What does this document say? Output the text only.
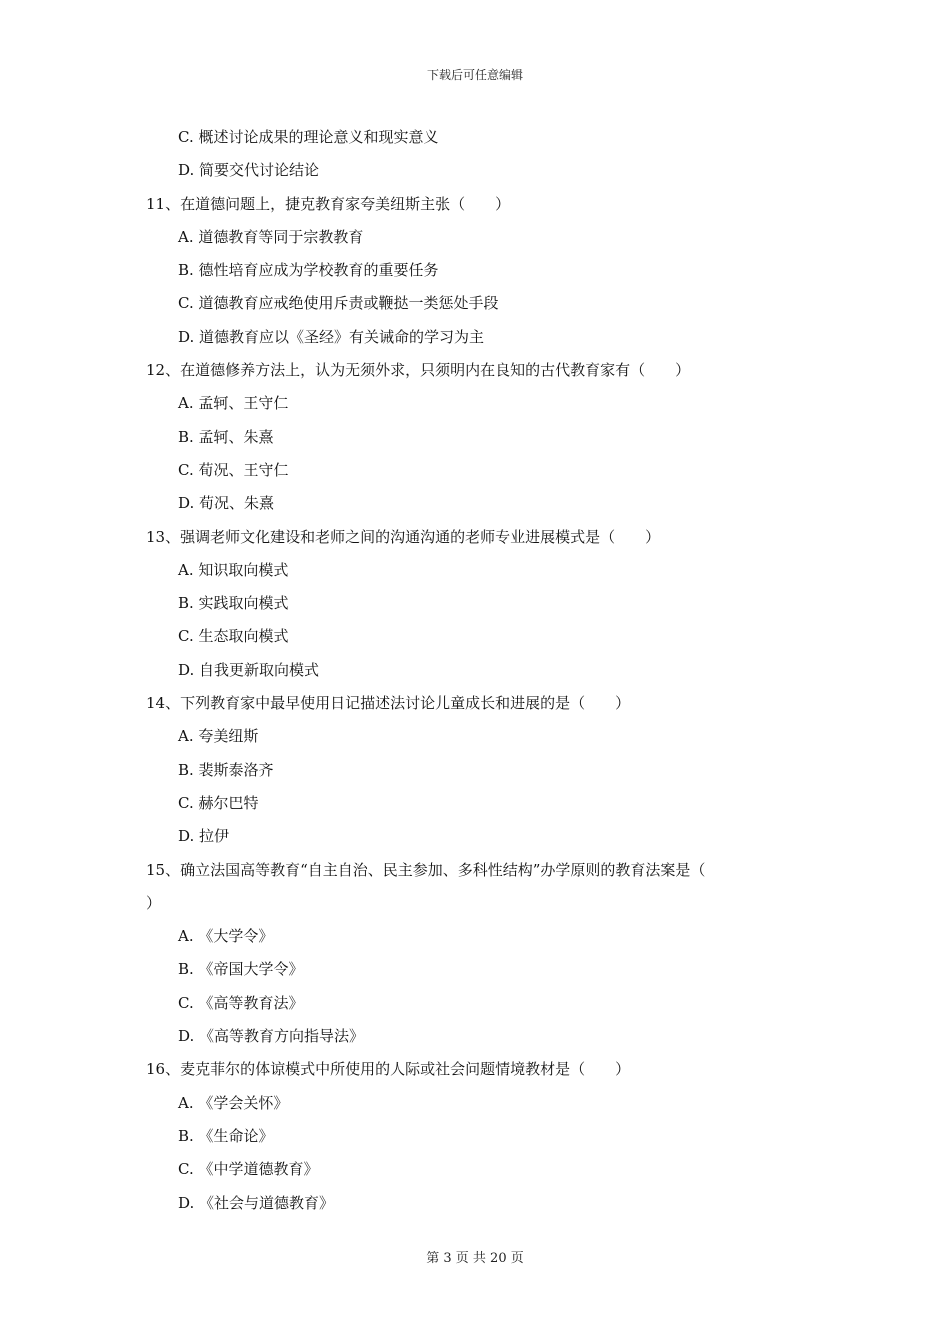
下载后可任意编辑
C. 概述讨论成果的理论意义和现实意义
D. 简要交代讨论结论
11、在道德问题上，捷克教育家夸美纽斯主张（　　）
A. 道德教育等同于宗教教育
B. 德性培育应成为学校教育的重要任务
C. 道德教育应戒绝使用斥责或鞭挞一类惩处手段
D. 道德教育应以《圣经》有关诫命的学习为主
12、在道德修养方法上，认为无须外求，只须明内在良知的古代教育家有（　　）
A. 孟轲、王守仁
B. 孟轲、朱熹
C. 荀况、王守仁
D. 荀况、朱熹
13、强调老师文化建设和老师之间的沟通沟通的老师专业进展模式是（　　）
A. 知识取向模式
B. 实践取向模式
C. 生态取向模式
D. 自我更新取向模式
14、下列教育家中最早使用日记描述法讨论儿童成长和进展的是（　　）
A. 夸美纽斯
B. 裴斯泰洛齐
C. 赫尔巴特
D. 拉伊
15、确立法国高等教育“自主自治、民主参加、多科性结构”办学原则的教育法案是（
）
A. 《大学令》
B. 《帝国大学令》
C. 《高等教育法》
D. 《高等教育方向指导法》
16、麦克菲尔的体谅模式中所使用的人际或社会问题情境教材是（　　）
A. 《学会关怀》
B. 《生命论》
C. 《中学道德教育》
D. 《社会与道德教育》
第 3 页 共 20 页
